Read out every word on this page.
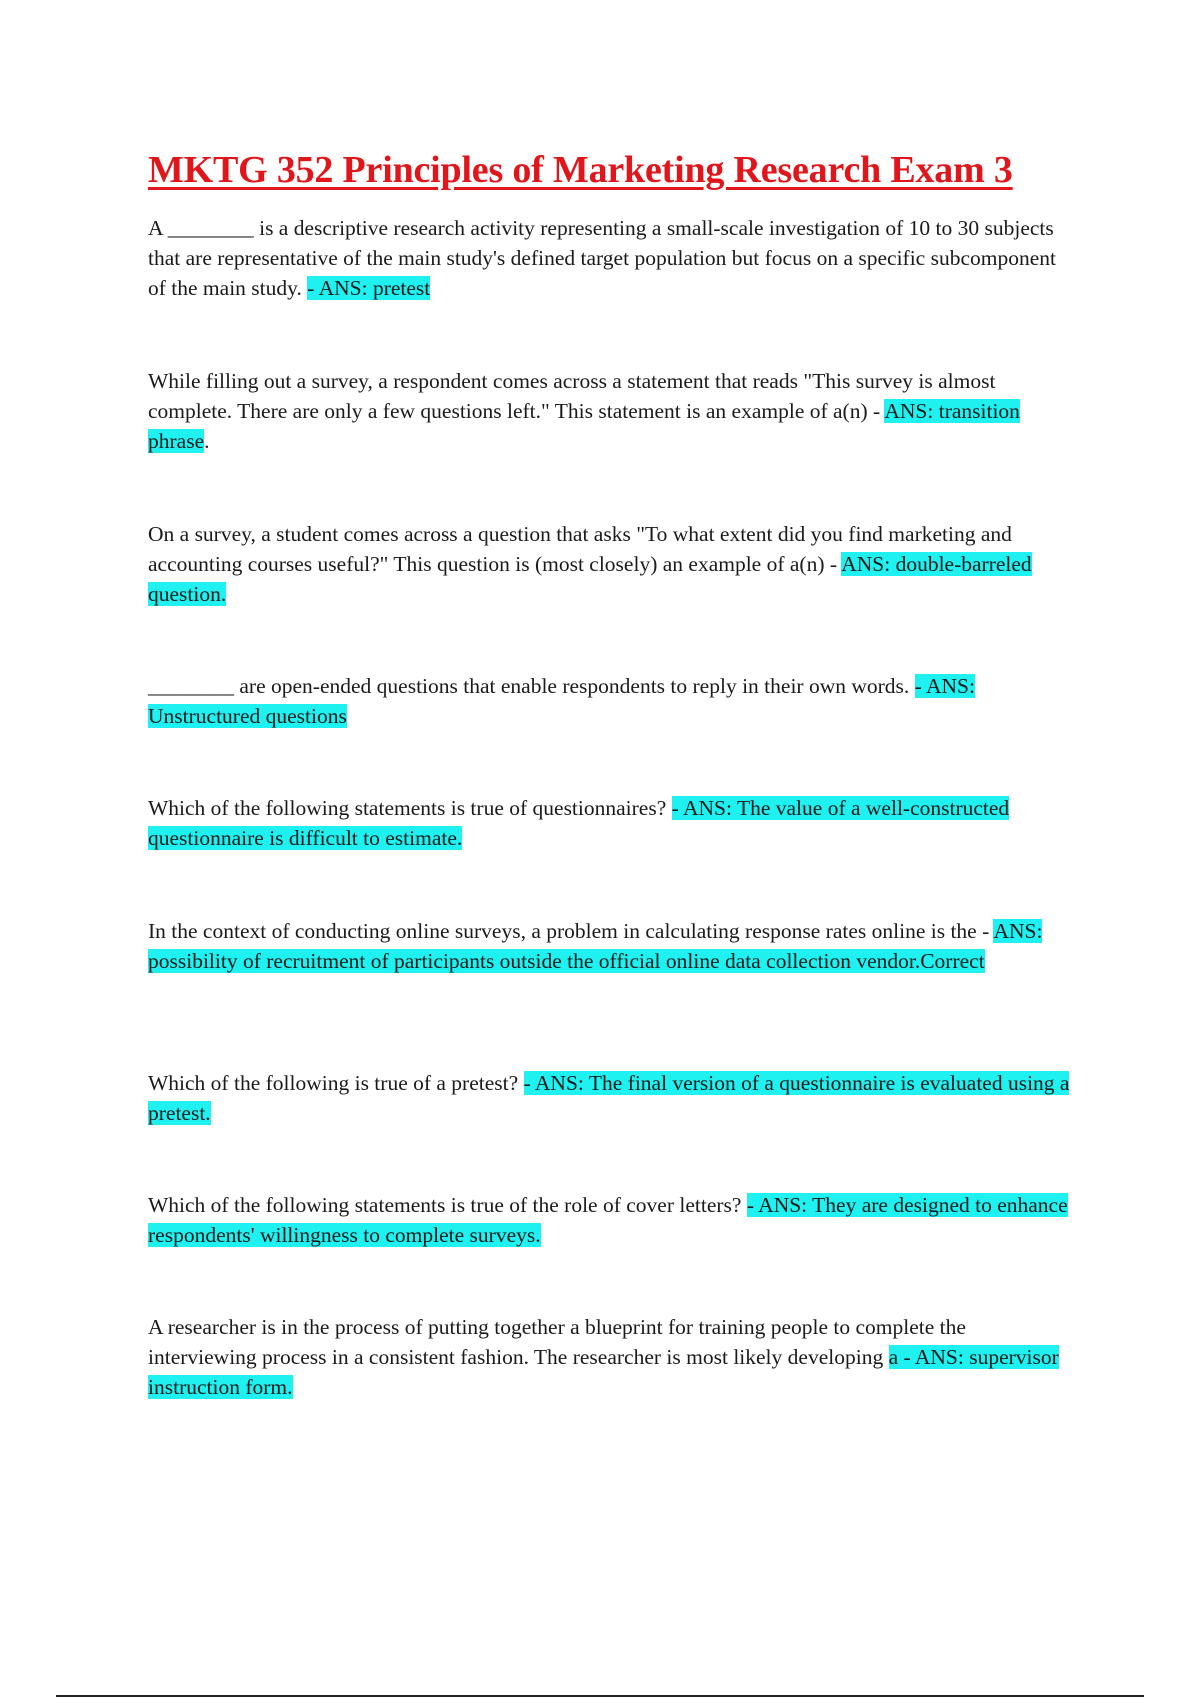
MKTG 352 Principles of Marketing Research Exam 3

A ________ is a descriptive research activity representing a small-scale investigation of 10 to 30 subjects that are representative of the main study's defined target population but focus on a specific subcomponent of the main study. - ANS: pretest

While filling out a survey, a respondent comes across a statement that reads "This survey is almost complete. There are only a few questions left." This statement is an example of a(n) - ANS: transition phrase.

On a survey, a student comes across a question that asks "To what extent did you find marketing and accounting courses useful?" This question is (most closely) an example of a(n) - ANS: double-barreled question.

________ are open-ended questions that enable respondents to reply in their own words. - ANS: Unstructured questions

Which of the following statements is true of questionnaires? - ANS: The value of a well-constructed questionnaire is difficult to estimate.

In the context of conducting online surveys, a problem in calculating response rates online is the - ANS: possibility of recruitment of participants outside the official online data collection vendor.Correct

Which of the following is true of a pretest? - ANS: The final version of a questionnaire is evaluated using a pretest.

Which of the following statements is true of the role of cover letters? - ANS: They are designed to enhance respondents' willingness to complete surveys.

A researcher is in the process of putting together a blueprint for training people to complete the interviewing process in a consistent fashion. The researcher is most likely developing a - ANS: supervisor instruction form.
